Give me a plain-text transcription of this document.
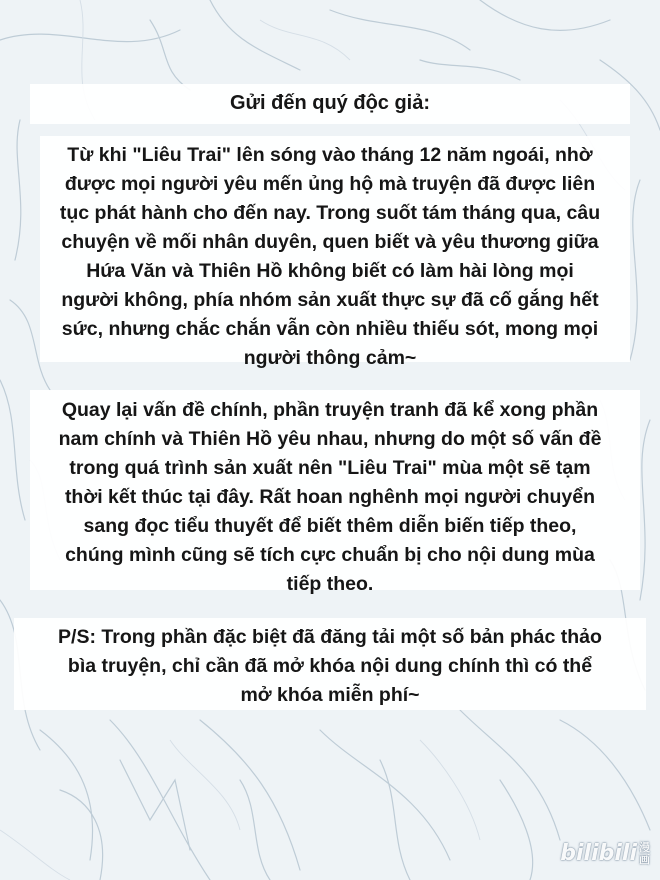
Gửi đến quý độc giả:
Từ khi "Liêu Trai" lên sóng vào tháng 12 năm ngoái, nhờ
được mọi người yêu mến ủng hộ mà truyện đã được liên
tục phát hành cho đến nay. Trong suốt tám tháng qua, câu
chuyện về mối nhân duyên, quen biết và yêu thương giữa
Hứa Văn và Thiên Hồ không biết có làm hài lòng mọi
người không, phía nhóm sản xuất thực sự đã cố gắng hết
sức, nhưng chắc chắn vẫn còn nhiều thiếu sót, mong mọi
người thông cảm~
Quay lại vấn đề chính, phần truyện tranh đã kể xong phần
nam chính và Thiên Hồ yêu nhau, nhưng do một số vấn đề
trong quá trình sản xuất nên "Liêu Trai" mùa một sẽ tạm
thời kết thúc tại đây. Rất hoan nghênh mọi người chuyển
sang đọc tiểu thuyết để biết thêm diễn biến tiếp theo,
chúng mình cũng sẽ tích cực chuẩn bị cho nội dung mùa
tiếp theo.
P/S: Trong phần đặc biệt đã đăng tải một số bản phác thảo
bìa truyện, chỉ cần đã mở khóa nội dung chính thì có thể
mở khóa miễn phí~
bilibili 漫
画
